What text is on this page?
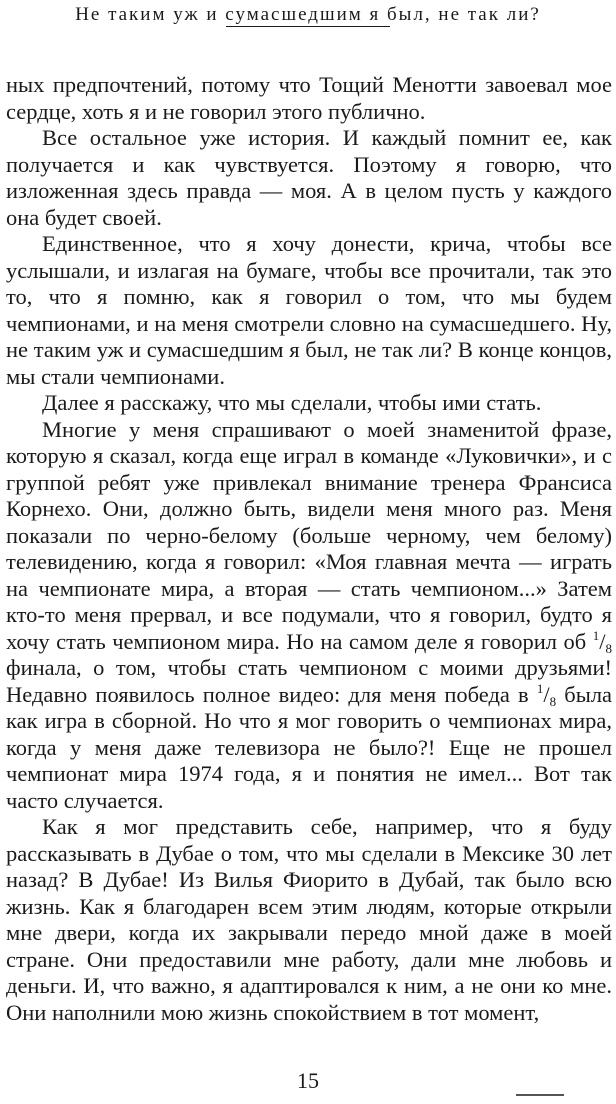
Не таким уж и сумасшедшим я был, не так ли?

ных предпочтений, потому что Тощий Менотти завоевал мое сердце, хоть я и не говорил этого публично.

Все остальное уже история. И каждый помнит ее, как получается и как чувствуется. Поэтому я говорю, что изложенная здесь правда — моя. А в целом пусть у каждого она будет своей.

Единственное, что я хочу донести, крича, чтобы все услышали, и излагая на бумаге, чтобы все прочитали, так это то, что я помню, как я говорил о том, что мы будем чемпионами, и на меня смотрели словно на сумасшедшего. Ну, не таким уж и сумасшедшим я был, не так ли? В конце концов, мы стали чемпионами.

Далее я расскажу, что мы сделали, чтобы ими стать.

Многие у меня спрашивают о моей знаменитой фразе, которую я сказал, когда еще играл в команде «Луковички», и с группой ребят уже привлекал внимание тренера Франсиса Корнехо. Они, должно быть, видели меня много раз. Меня показали по черно-белому (больше черному, чем белому) телевидению, когда я говорил: «Моя главная мечта — играть на чемпионате мира, а вторая — стать чемпионом...» Затем кто-то меня прервал, и все подумали, что я говорил, будто я хочу стать чемпионом мира. Но на самом деле я говорил об $^1/_8$ финала, о том, чтобы стать чемпионом с моими друзьями! Недавно появилось полное видео: для меня победа в $^1/_8$ была как игра в сборной. Но что я мог говорить о чемпионах мира, когда у меня даже телевизора не было?! Еще не прошел чемпионат мира 1974 года, я и понятия не имел... Вот так часто случается.

Как я мог представить себе, например, что я буду рассказывать в Дубае о том, что мы сделали в Мексике 30 лет назад? В Дубае! Из Вилья Фиорито в Дубай, так было всю жизнь. Как я благодарен всем этим людям, которые открыли мне двери, когда их закрывали передо мной даже в моей стране. Они предоставили мне работу, дали мне любовь и деньги. И, что важно, я адаптировался к ним, а не они ко мне. Они наполнили мою жизнь спокойствием в тот момент,

15
